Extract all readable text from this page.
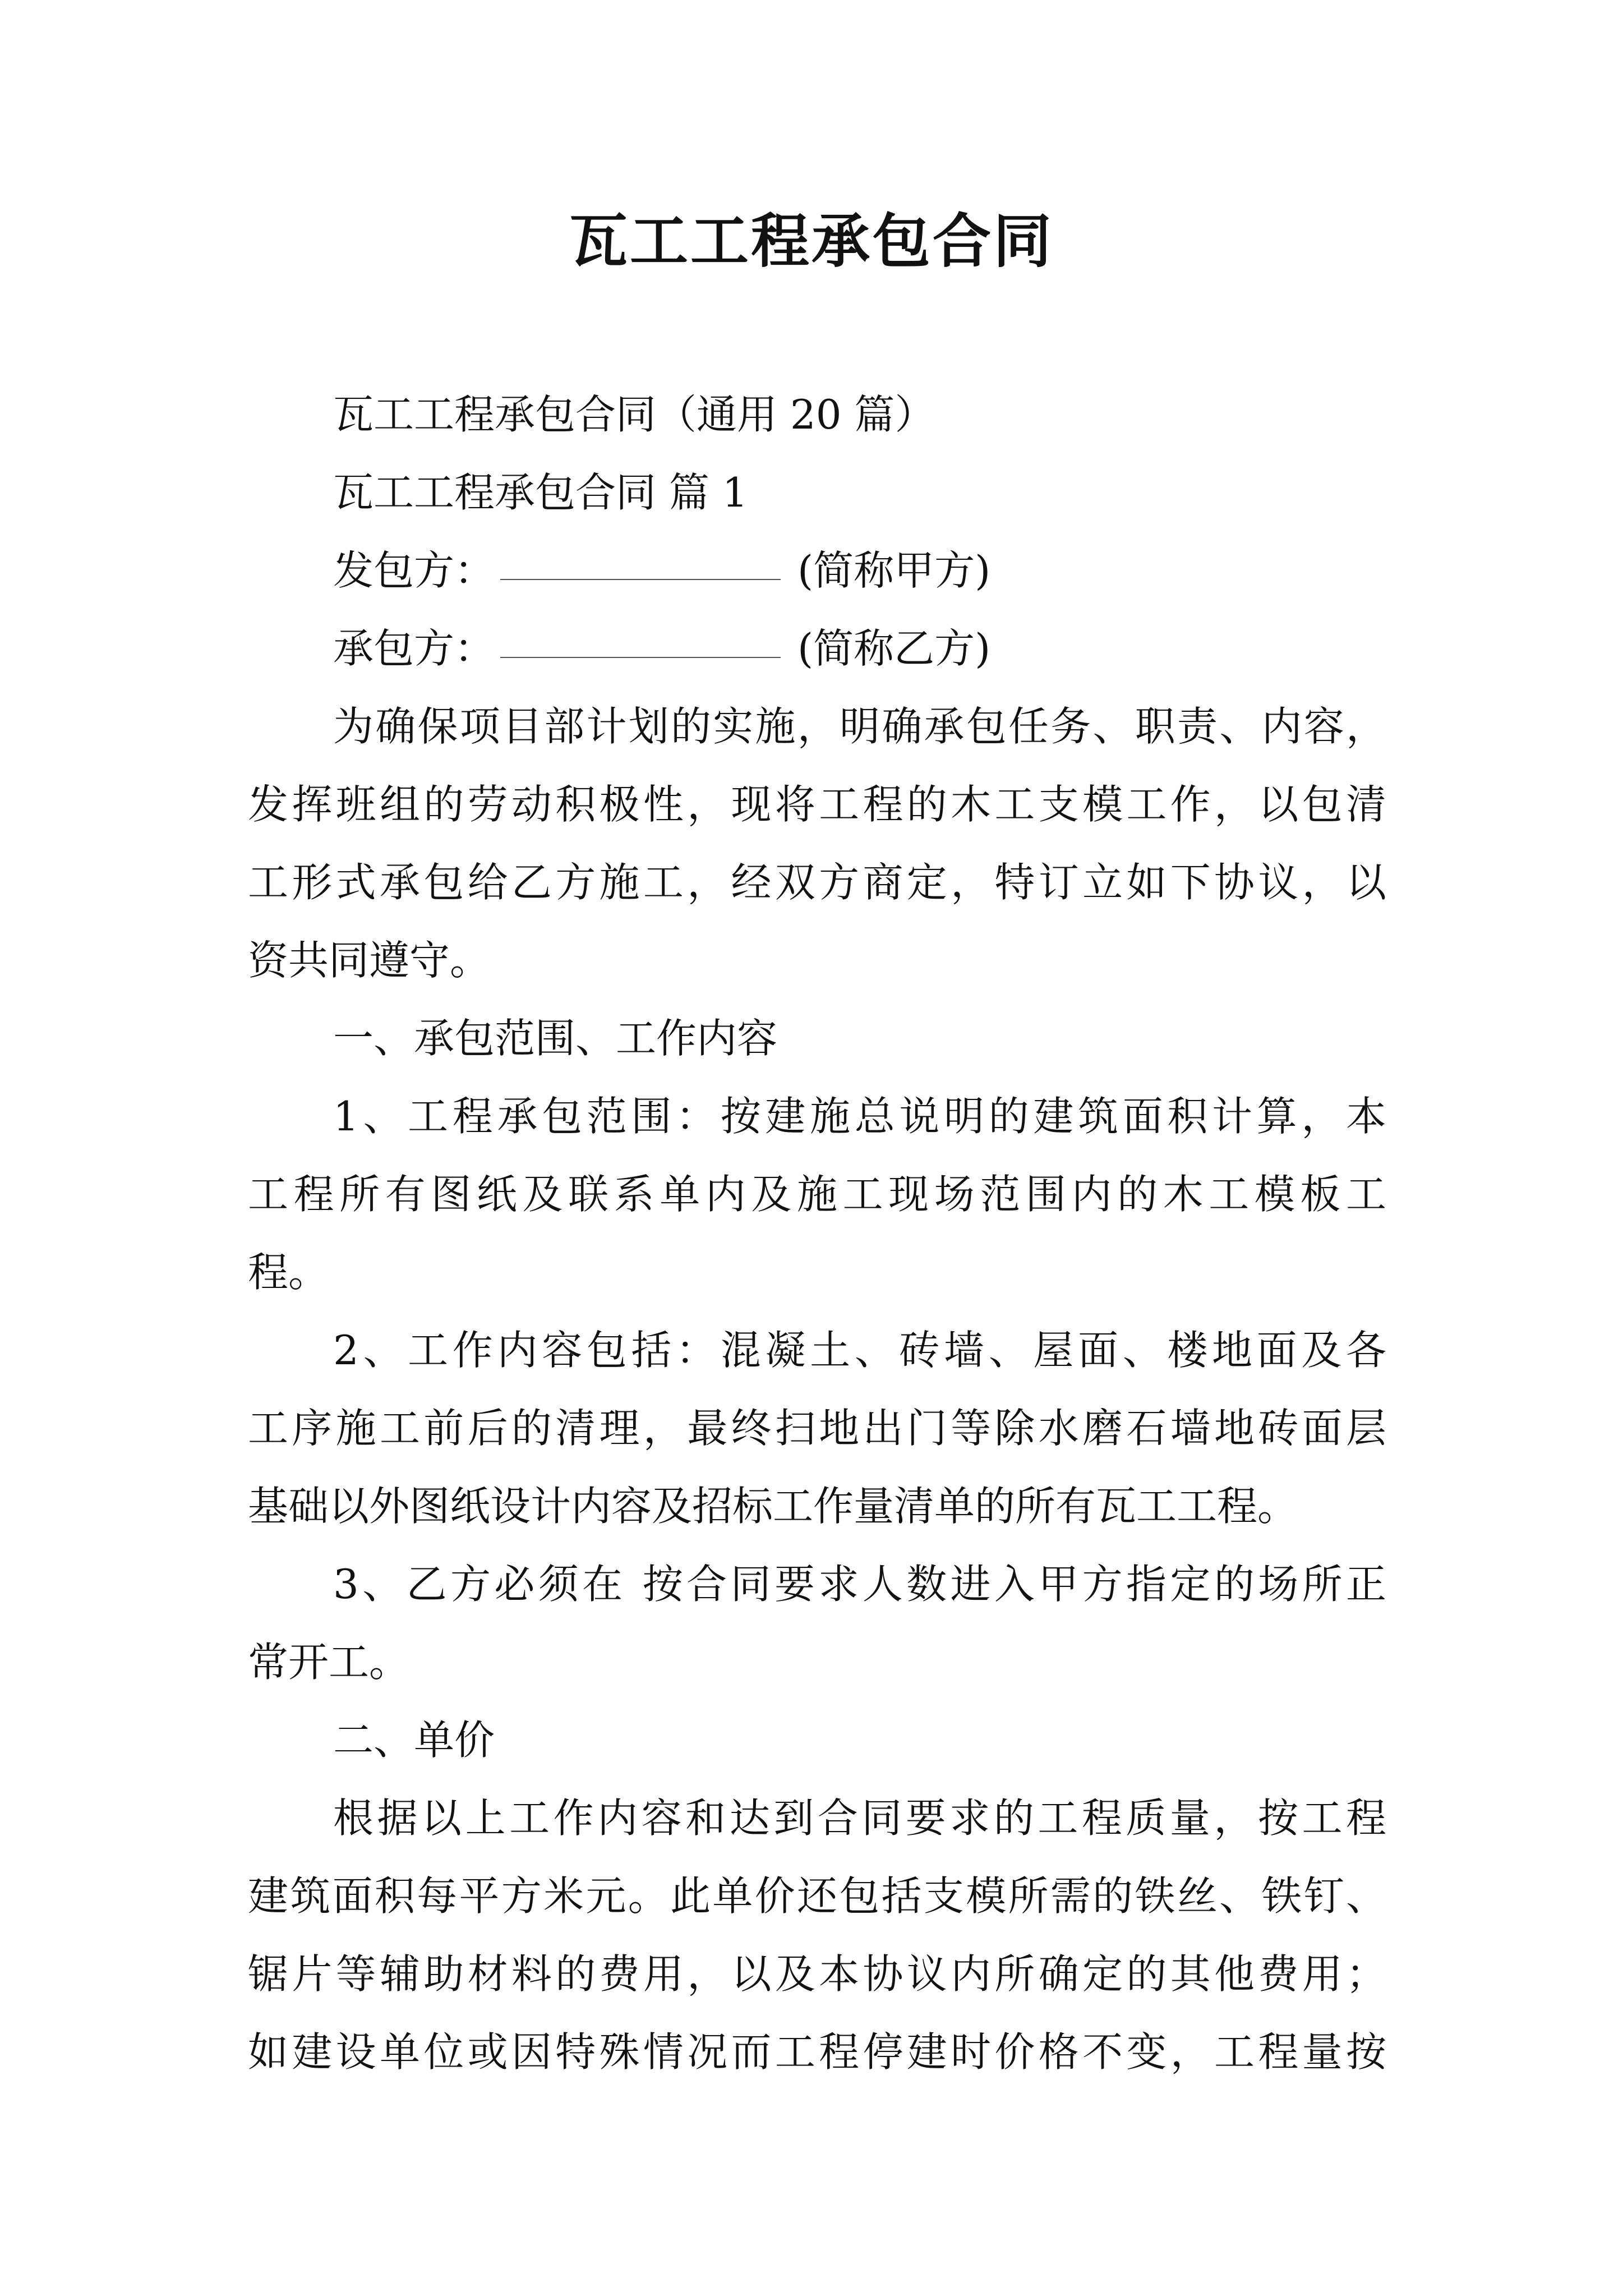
瓦工工程承包合同

瓦工工程承包合同（通用 20 篇）

瓦工工程承包合同 篇 1

发包方：	(简称甲方)

承包方：	(简称乙方)

为确保项目部计划的实施，明确承包任务、职责、内容，

发挥班组的劳动积极性，现将工程的木工支模工作，以包清

工形式承包给乙方施工，经双方商定，特订立如下协议，以

资共同遵守。

一、承包范围、工作内容

1、工程承包范围：按建施总说明的建筑面积计算，本

工程所有图纸及联系单内及施工现场范围内的木工模板工

程。

2、工作内容包括：混凝土、砖墙、屋面、楼地面及各

工序施工前后的清理，最终扫地出门等除水磨石墙地砖面层

基础以外图纸设计内容及招标工作量清单的所有瓦工工程。

3、乙方必须在 按合同要求人数进入甲方指定的场所正

常开工。

二、单价

根据以上工作内容和达到合同要求的工程质量，按工程

建筑面积每平方米元。此单价还包括支模所需的铁丝、铁钉、

锯片等辅助材料的费用，以及本协议内所确定的其他费用；

如建设单位或因特殊情况而工程停建时价格不变，工程量按
